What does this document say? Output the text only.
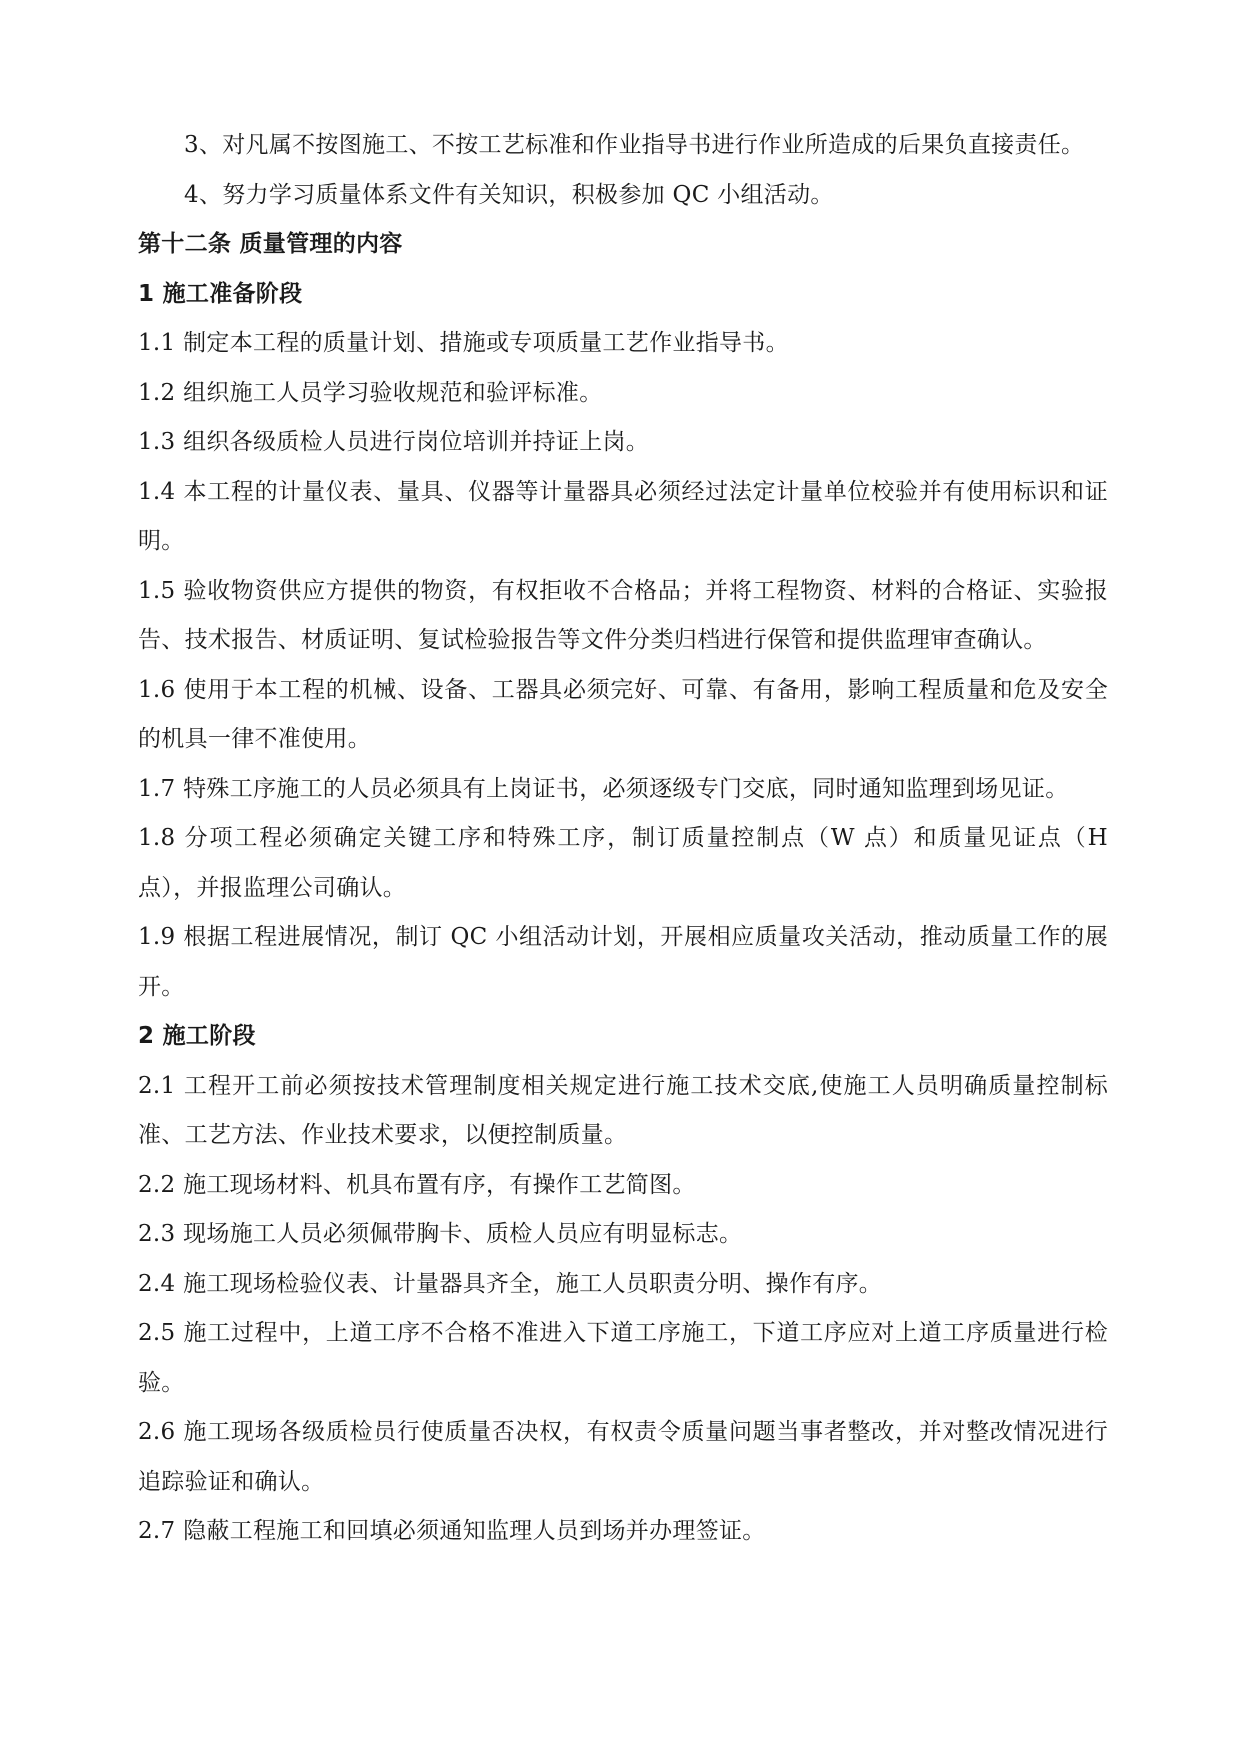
3、对凡属不按图施工、不按工艺标准和作业指导书进行作业所造成的后果负直接责任。

4、努力学习质量体系文件有关知识，积极参加 QC 小组活动。

第十二条 质量管理的内容
1 施工准备阶段

1.1 制定本工程的质量计划、措施或专项质量工艺作业指导书。

1.2 组织施工人员学习验收规范和验评标准。

1.3 组织各级质检人员进行岗位培训并持证上岗。

1.4 本工程的计量仪表、量具、仪器等计量器具必须经过法定计量单位校验并有使用标识和证明。

1.5 验收物资供应方提供的物资，有权拒收不合格品；并将工程物资、材料的合格证、实验报告、技术报告、材质证明、复试检验报告等文件分类归档进行保管和提供监理审查确认。

1.6 使用于本工程的机械、设备、工器具必须完好、可靠、有备用，影响工程质量和危及安全的机具一律不准使用。

1.7 特殊工序施工的人员必须具有上岗证书，必须逐级专门交底，同时通知监理到场见证。

1.8 分项工程必须确定关键工序和特殊工序，制订质量控制点（W 点）和质量见证点（H 点），并报监理公司确认。

1.9 根据工程进展情况，制订 QC 小组活动计划，开展相应质量攻关活动，推动质量工作的展开。

2 施工阶段

2.1 工程开工前必须按技术管理制度相关规定进行施工技术交底,使施工人员明确质量控制标准、工艺方法、作业技术要求，以便控制质量。

2.2 施工现场材料、机具布置有序，有操作工艺简图。

2.3 现场施工人员必须佩带胸卡、质检人员应有明显标志。

2.4 施工现场检验仪表、计量器具齐全，施工人员职责分明、操作有序。

2.5 施工过程中，上道工序不合格不准进入下道工序施工，下道工序应对上道工序质量进行检验。

2.6 施工现场各级质检员行使质量否决权，有权责令质量问题当事者整改，并对整改情况进行追踪验证和确认。

2.7 隐蔽工程施工和回填必须通知监理人员到场并办理签证。
